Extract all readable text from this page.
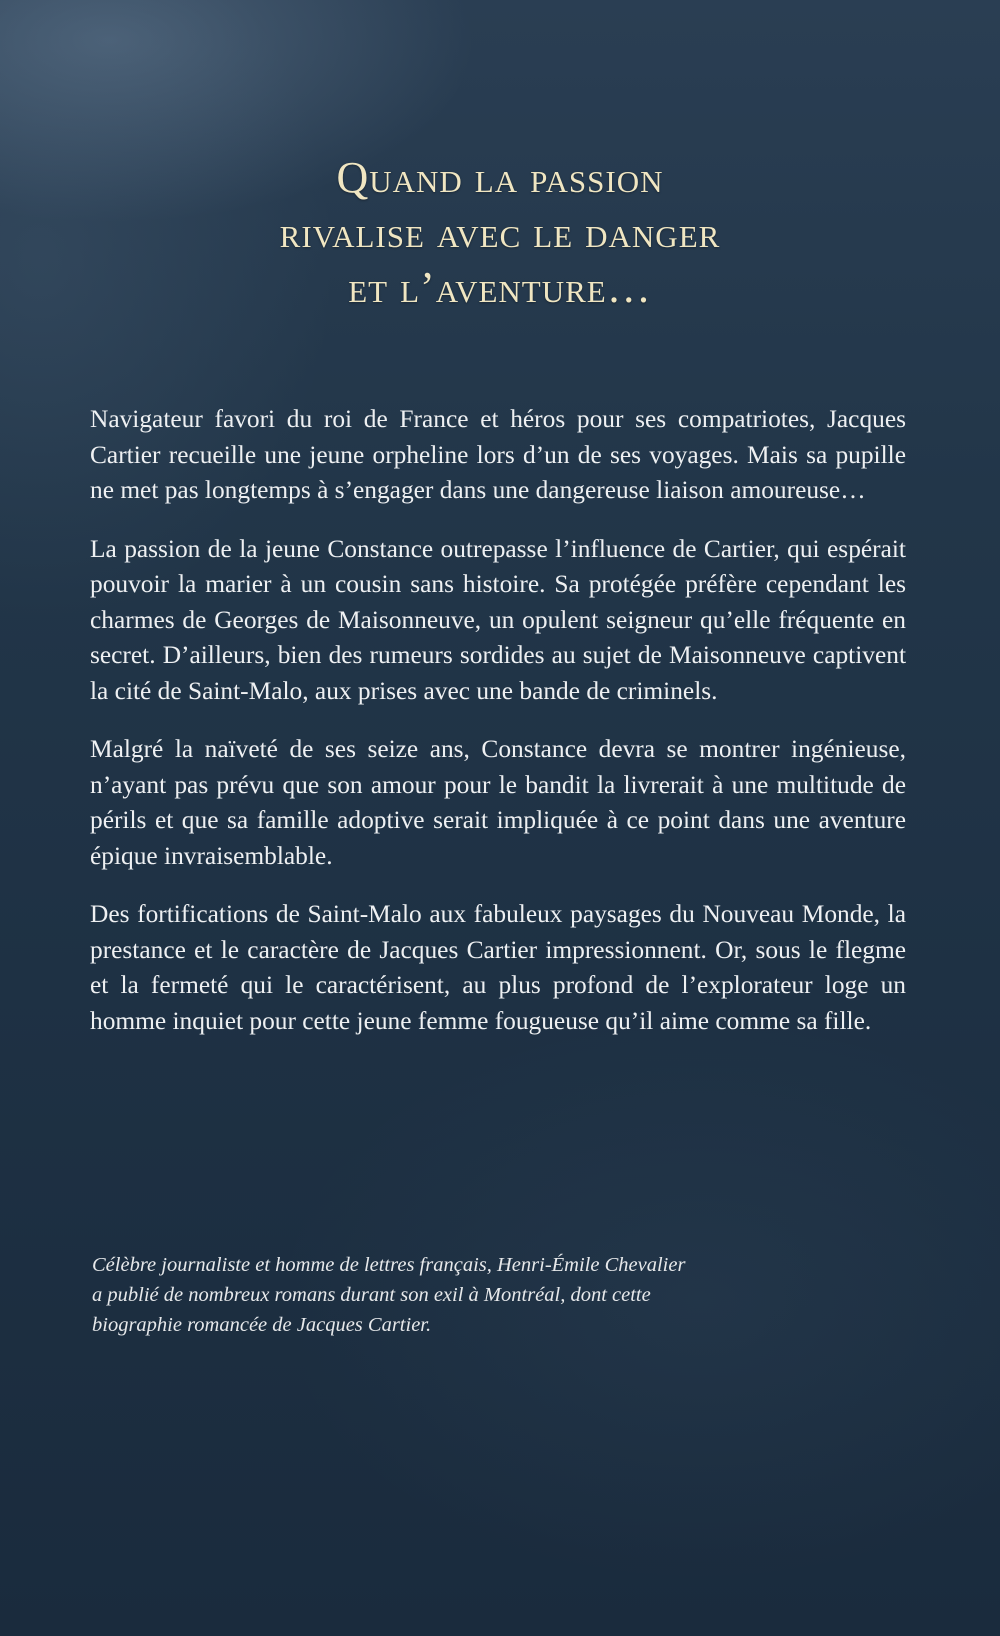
Quand la passion
rivalise avec le danger
et l’aventure…

Navigateur favori du roi de France et héros pour ses compatriotes, Jacques Cartier recueille une jeune orpheline lors d’un de ses voyages. Mais sa pupille ne met pas longtemps à s’engager dans une dangereuse liaison amoureuse…

La passion de la jeune Constance outrepasse l’influence de Cartier, qui espérait pouvoir la marier à un cousin sans histoire. Sa protégée préfère cependant les charmes de Georges de Maisonneuve, un opulent seigneur qu’elle fréquente en secret. D’ailleurs, bien des rumeurs sordides au sujet de Maisonneuve captivent la cité de Saint-Malo, aux prises avec une bande de criminels.

Malgré la naïveté de ses seize ans, Constance devra se montrer ingénieuse, n’ayant pas prévu que son amour pour le bandit la livrerait à une multitude de périls et que sa famille adoptive serait impliquée à ce point dans une aventure épique invraisemblable.

Des fortifications de Saint-Malo aux fabuleux paysages du Nouveau Monde, la prestance et le caractère de Jacques Cartier impressionnent. Or, sous le flegme et la fermeté qui le caractérisent, au plus profond de l’explorateur loge un homme inquiet pour cette jeune femme fougueuse qu’il aime comme sa fille.

Célèbre journaliste et homme de lettres français, Henri-Émile Chevalier
a publié de nombreux romans durant son exil à Montréal, dont cette
biographie romancée de Jacques Cartier.
